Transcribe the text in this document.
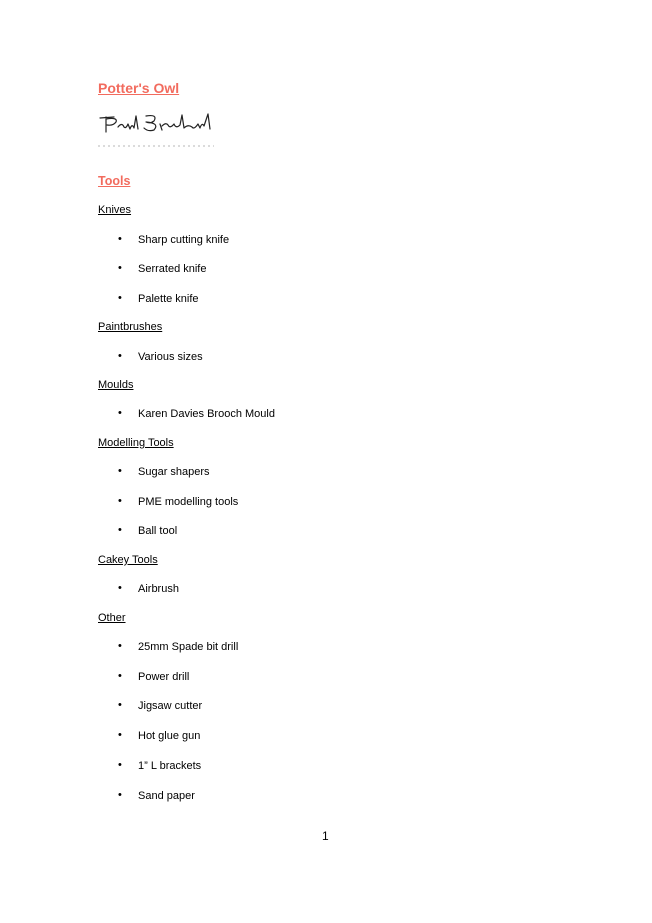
Potter's Owl
Tools
Knives
• Sharp cutting knife
• Serrated knife
• Palette knife
Paintbrushes
• Various sizes
Moulds
• Karen Davies Brooch Mould
Modelling Tools
• Sugar shapers
• PME modelling tools
• Ball tool
Cakey Tools
• Airbrush
Other
• 25mm Spade bit drill
• Power drill
• Jigsaw cutter
• Hot glue gun
• 1” L brackets
• Sand paper
1
